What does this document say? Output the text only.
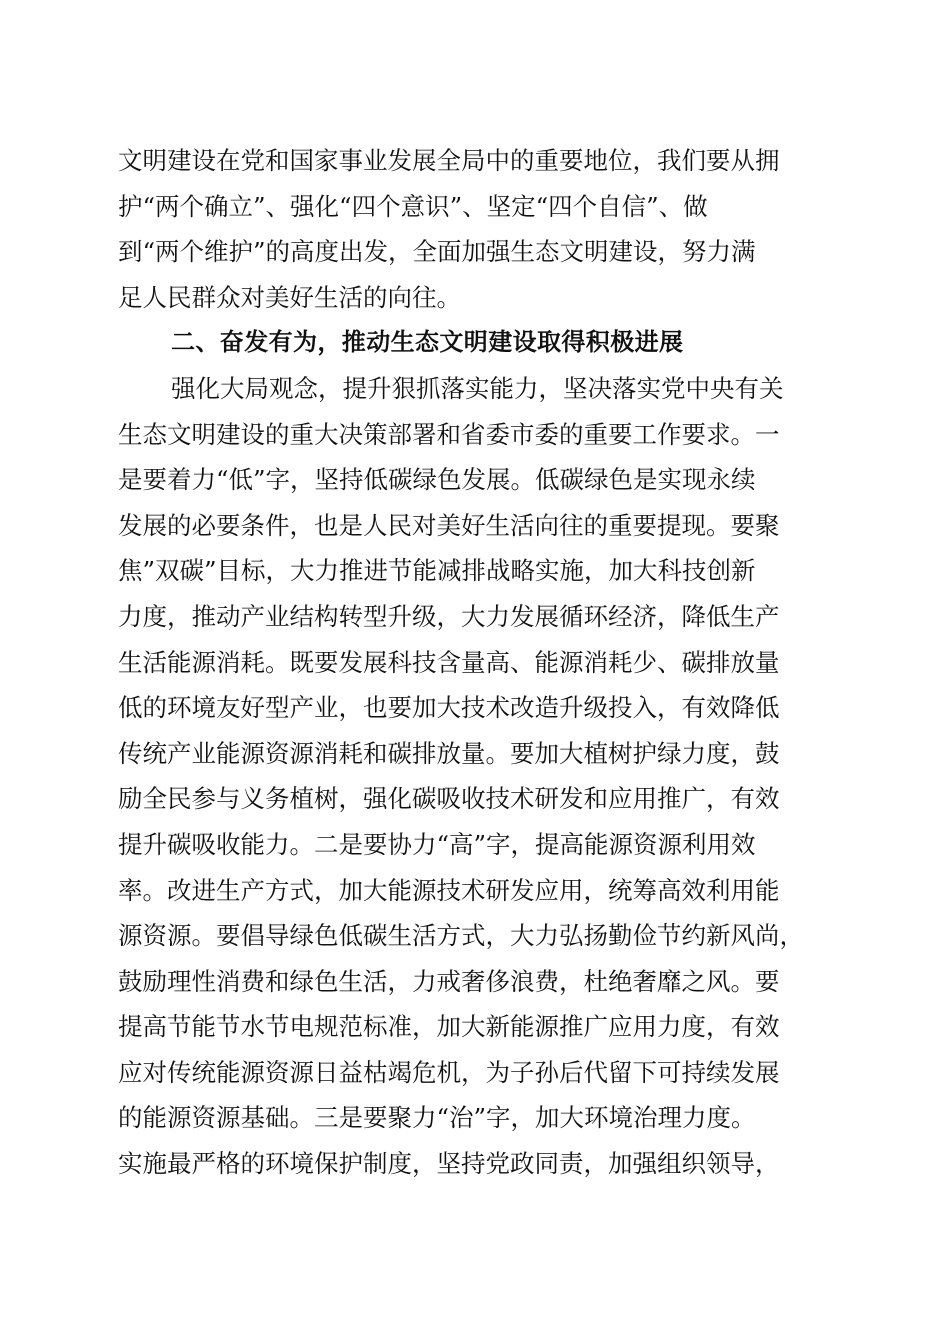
文明建设在党和国家事业发展全局中的重要地位，我们要从拥
护“两个确立”、强化“四个意识”、坚定“四个自信”、做
到“两个维护”的高度出发，全面加强生态文明建设，努力满
足人民群众对美好生活的向往。
二、奋发有为，推动生态文明建设取得积极进展
强化大局观念，提升狠抓落实能力，坚决落实党中央有关
生态文明建设的重大决策部署和省委市委的重要工作要求。一
是要着力“低”字，坚持低碳绿色发展。低碳绿色是实现永续
发展的必要条件，也是人民对美好生活向往的重要提现。要聚
焦”双碳”目标，大力推进节能减排战略实施，加大科技创新
力度，推动产业结构转型升级，大力发展循环经济，降低生产
生活能源消耗。既要发展科技含量高、能源消耗少、碳排放量
低的环境友好型产业，也要加大技术改造升级投入，有效降低
传统产业能源资源消耗和碳排放量。要加大植树护绿力度，鼓
励全民参与义务植树，强化碳吸收技术研发和应用推广，有效
提升碳吸收能力。二是要协力“高”字，提高能源资源利用效
率。改进生产方式，加大能源技术研发应用，统筹高效利用能
源资源。要倡导绿色低碳生活方式，大力弘扬勤俭节约新风尚，
鼓励理性消费和绿色生活，力戒奢侈浪费，杜绝奢靡之风。要
提高节能节水节电规范标准，加大新能源推广应用力度，有效
应对传统能源资源日益枯竭危机，为子孙后代留下可持续发展
的能源资源基础。三是要聚力“治”字，加大环境治理力度。
实施最严格的环境保护制度，坚持党政同责，加强组织领导，
